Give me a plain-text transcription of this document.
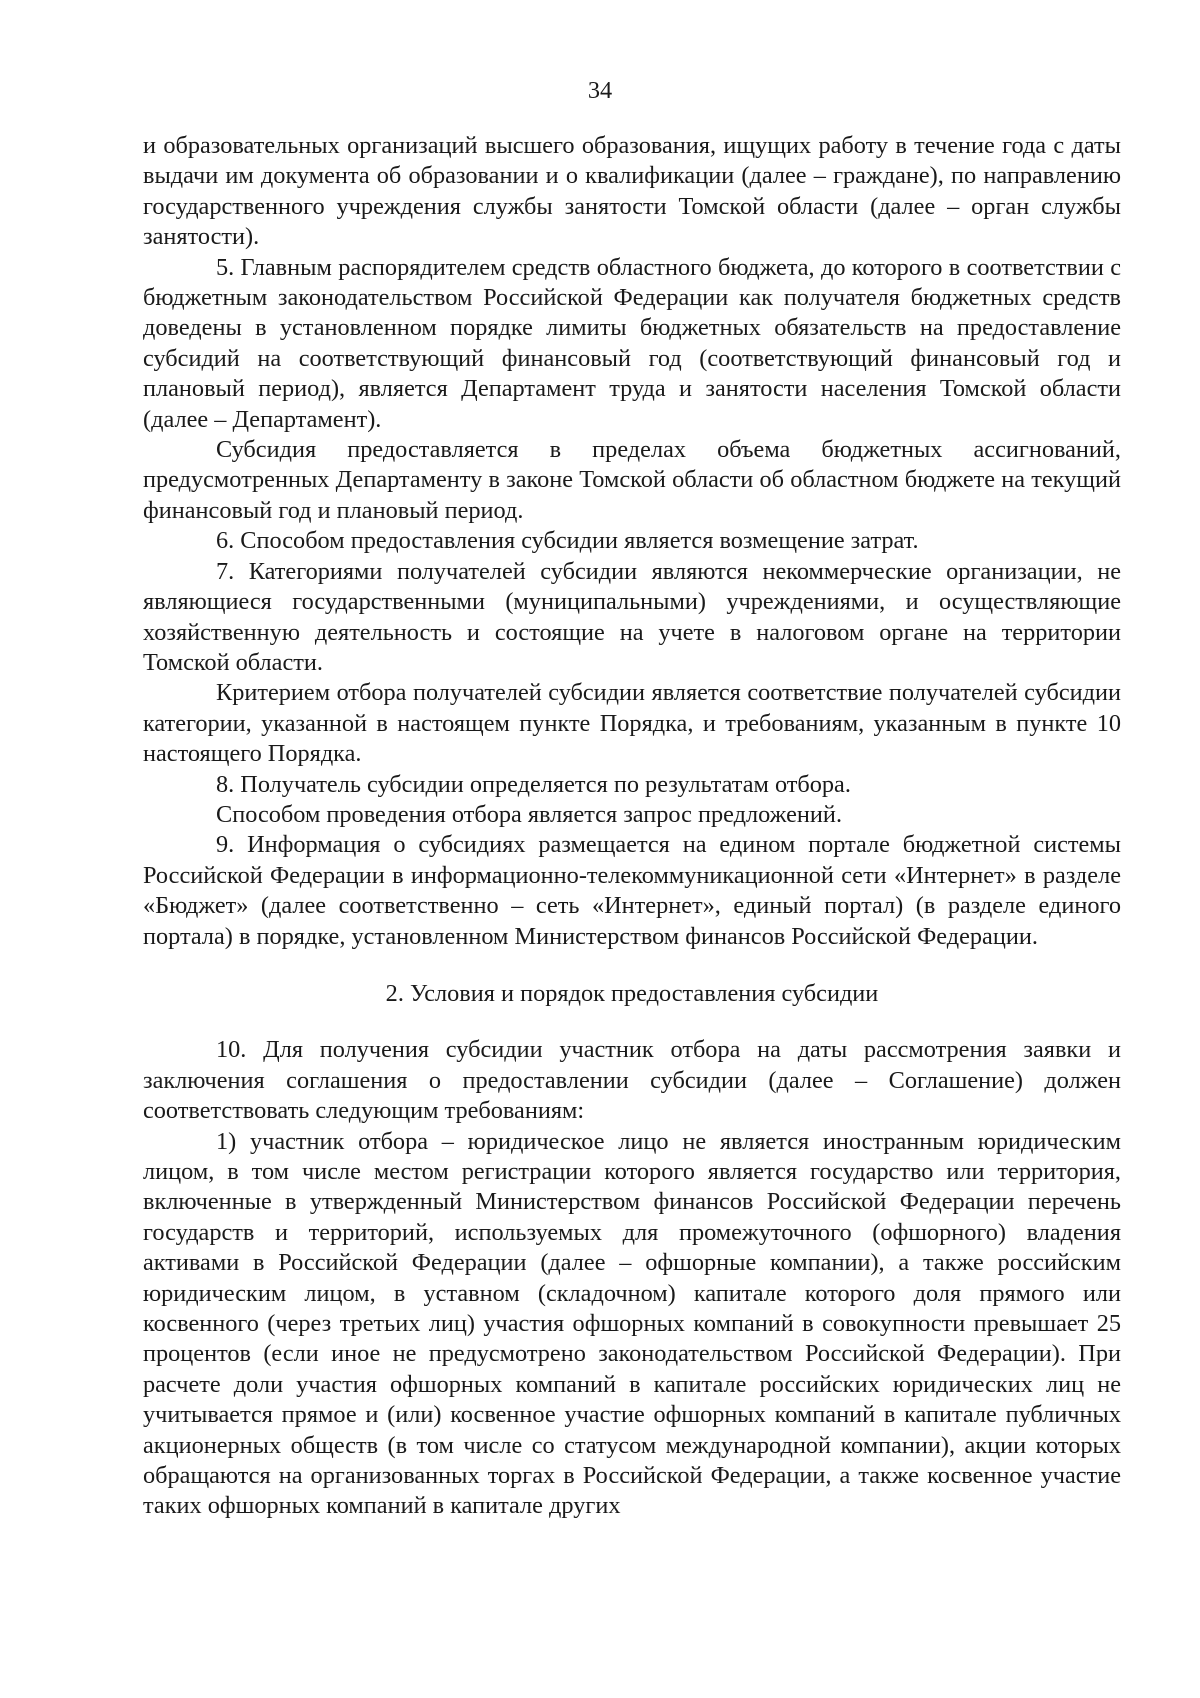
34

и образовательных организаций высшего образования, ищущих работу в течение года с даты выдачи им документа об образовании и о квалификации (далее – граждане), по направлению государственного учреждения службы занятости Томской области (далее – орган службы занятости).

5. Главным распорядителем средств областного бюджета, до которого в соответствии с бюджетным законодательством Российской Федерации как получателя бюджетных средств доведены в установленном порядке лимиты бюджетных обязательств на предоставление субсидий на соответствующий финансовый год (соответствующий финансовый год и плановый период), является Департамент труда и занятости населения Томской области (далее – Департамент).

Субсидия предоставляется в пределах объема бюджетных ассигнований, предусмотренных Департаменту в законе Томской области об областном бюджете на текущий финансовый год и плановый период.

6. Способом предоставления субсидии является возмещение затрат.

7. Категориями получателей субсидии являются некоммерческие организации, не являющиеся государственными (муниципальными) учреждениями, и осуществляющие хозяйственную деятельность и состоящие на учете в налоговом органе на территории Томской области.

Критерием отбора получателей субсидии является соответствие получателей субсидии категории, указанной в настоящем пункте Порядка, и требованиям, указанным в пункте 10 настоящего Порядка.

8. Получатель субсидии определяется по результатам отбора.

Способом проведения отбора является запрос предложений.

9. Информация о субсидиях размещается на едином портале бюджетной системы Российской Федерации в информационно-телекоммуникационной сети «Интернет» в разделе «Бюджет» (далее соответственно – сеть «Интернет», единый портал) (в разделе единого портала) в порядке, установленном Министерством финансов Российской Федерации.

2. Условия и порядок предоставления субсидии

10. Для получения субсидии участник отбора на даты рассмотрения заявки и заключения соглашения о предоставлении субсидии (далее – Соглашение) должен соответствовать следующим требованиям:

1) участник отбора – юридическое лицо не является иностранным юридическим лицом, в том числе местом регистрации которого является государство или территория, включенные в утвержденный Министерством финансов Российской Федерации перечень государств и территорий, используемых для промежуточного (офшорного) владения активами в Российской Федерации (далее – офшорные компании), а также российским юридическим лицом, в уставном (складочном) капитале которого доля прямого или косвенного (через третьих лиц) участия офшорных компаний в совокупности превышает 25 процентов (если иное не предусмотрено законодательством Российской Федерации). При расчете доли участия офшорных компаний в капитале российских юридических лиц не учитывается прямое и (или) косвенное участие офшорных компаний в капитале публичных акционерных обществ (в том числе со статусом международной компании), акции которых обращаются на организованных торгах в Российской Федерации, а также косвенное участие таких офшорных компаний в капитале других
